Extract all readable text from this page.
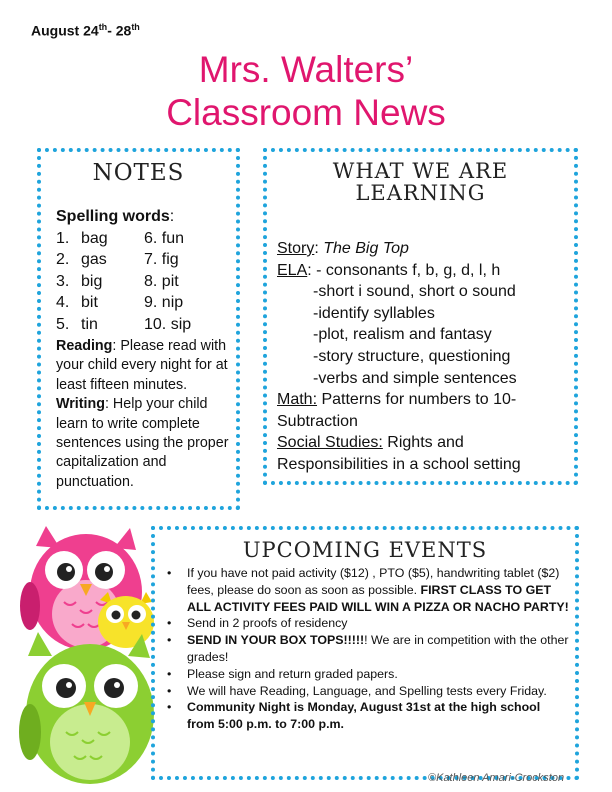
August 24th- 28th
Mrs. Walters’
Classroom News
NOTES
Spelling words:
1. bag 6. fun
2. gas 7. fig
3. big	8. pit
4. bit	9. nip
5. tin	10. sip
Reading: Please read with your child every night for at least fifteen minutes.
Writing: Help your child learn to write complete sentences using the proper capitalization and punctuation.
WHAT WE ARE
LEARNING
Story: The Big Top
ELA: - consonants f, b, g, d, l, h
-short i sound, short o sound
-identify syllables
-plot, realism and fantasy
-story structure, questioning
-verbs and simple sentences
Math: Patterns for numbers to 10-Subtraction
Social Studies: Rights and Responsibilities in a school setting
UPCOMING EVENTS
• If you have not paid activity ($12) , PTO ($5), handwriting tablet ($2) fees, please do soon as soon as possible. FIRST CLASS TO GET ALL ACTIVITY FEES PAID WILL WIN A PIZZA OR NACHO PARTY!
• Send in 2 proofs of residency
• SEND IN YOUR BOX TOPS!!!!!! We are in competition with the other grades!
• Please sign and return graded papers.
• We will have Reading, Language, and Spelling tests every Friday.
• Community Night is Monday, August 31st at the high school from 5:00 p.m. to 7:00 p.m.
©Kathleen Amari-Crockston
